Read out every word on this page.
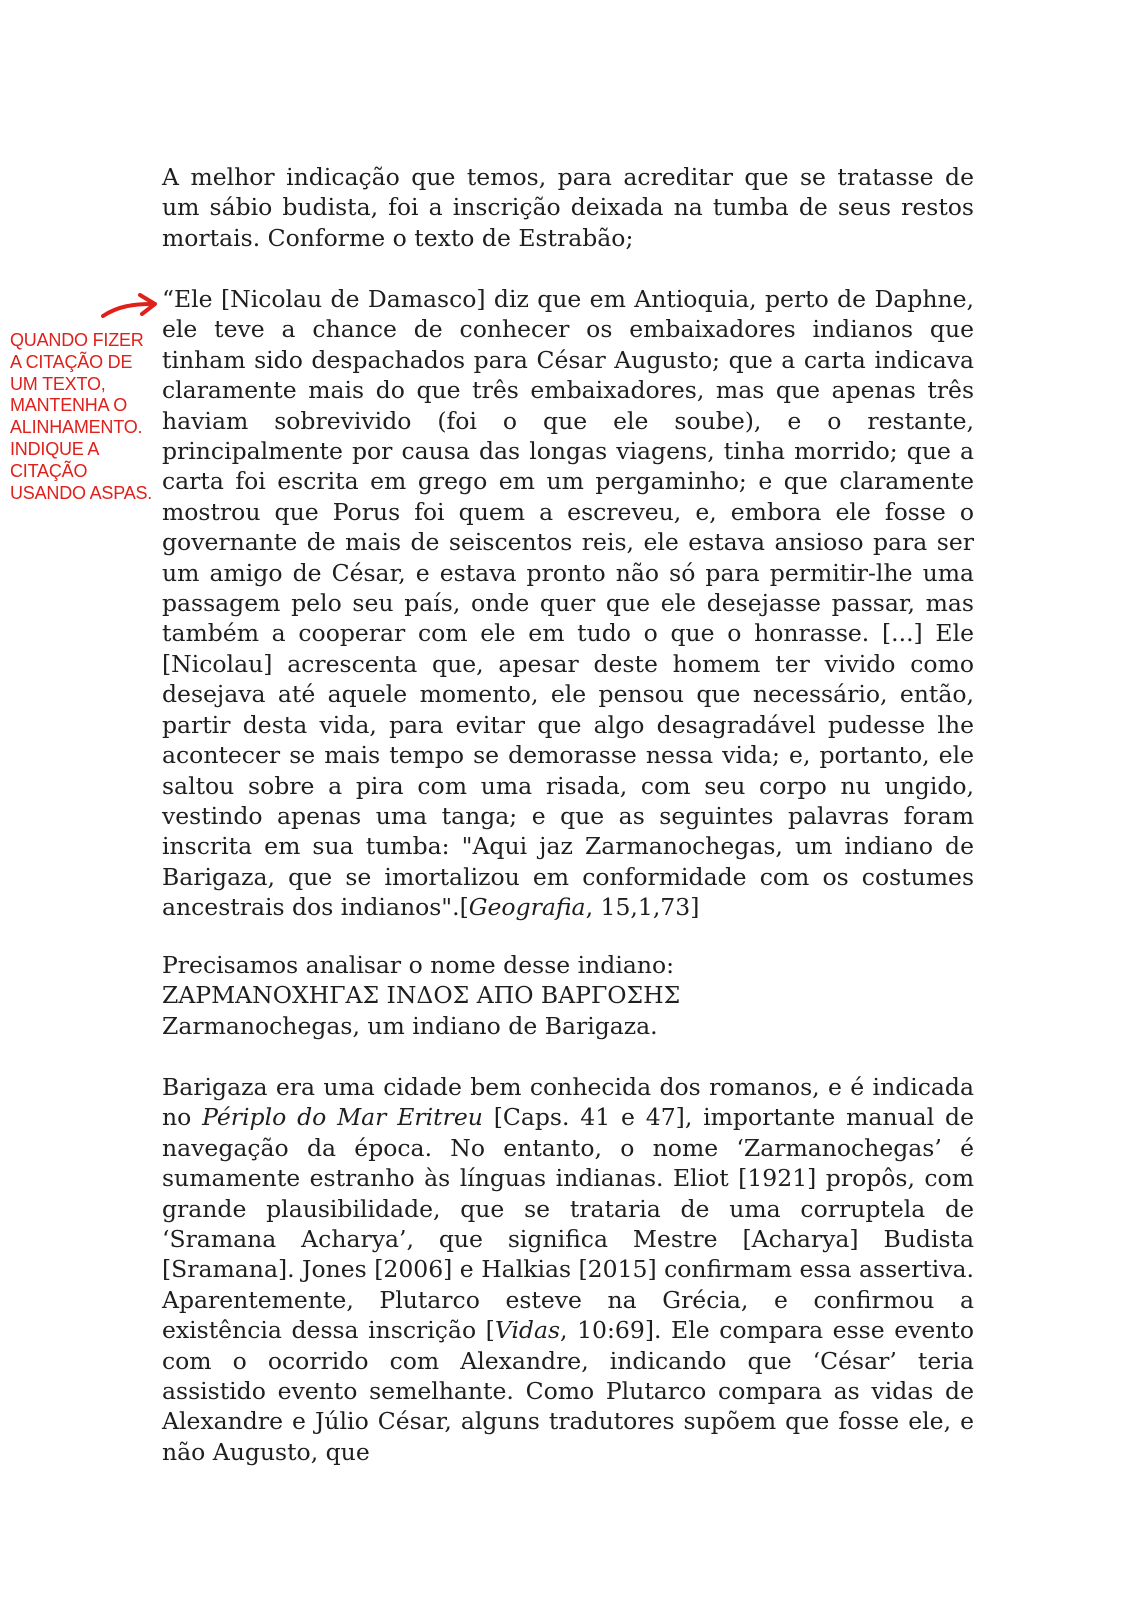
QUANDO FIZER
A CITAÇÃO DE
UM TEXTO,
MANTENHA O
ALINHAMENTO.
INDIQUE A
CITAÇÃO
USANDO ASPAS.

A melhor indicação que temos, para acreditar que se tratasse de um sábio budista, foi a inscrição deixada na tumba de seus restos mortais. Conforme o texto de Estrabão;

“Ele [Nicolau de Damasco] diz que em Antioquia, perto de Daphne, ele teve a chance de conhecer os embaixadores indianos que tinham sido despachados para César Augusto; que a carta indicava claramente mais do que três embaixadores, mas que apenas três haviam sobrevivido (foi o que ele soube), e o restante, principalmente por causa das longas viagens, tinha morrido; que a carta foi escrita em grego em um pergaminho; e que claramente mostrou que Porus foi quem a escreveu, e, embora ele fosse o governante de mais de seiscentos reis, ele estava ansioso para ser um amigo de César, e estava pronto não só para permitir-lhe uma passagem pelo seu país, onde quer que ele desejasse passar, mas também a cooperar com ele em tudo o que o honrasse. [...] Ele [Nicolau] acrescenta que, apesar deste homem ter vivido como desejava até aquele momento, ele pensou que necessário, então, partir desta vida, para evitar que algo desagradável pudesse lhe acontecer se mais tempo se demorasse nessa vida; e, portanto, ele saltou sobre a pira com uma risada, com seu corpo nu ungido, vestindo apenas uma tanga; e que as seguintes palavras foram inscrita em sua tumba: "Aqui jaz Zarmanochegas, um indiano de Barigaza, que se imortalizou em conformidade com os costumes ancestrais dos indianos".[Geografia, 15,1,73]

Precisamos analisar o nome desse indiano:

ΖΑΡΜΑΝΟΧΗΓΑΣ ΙΝΔΟΣ ΑΠΟ ΒΑΡΓΟΣΗΣ

Zarmanochegas, um indiano de Barigaza.

Barigaza era uma cidade bem conhecida dos romanos, e é indicada no Périplo do Mar Eritreu [Caps. 41 e 47], importante manual de navegação da época. No entanto, o nome ‘Zarmanochegas’ é sumamente estranho às línguas indianas. Eliot [1921] propôs, com grande plausibilidade, que se trataria de uma corruptela de ‘Sramana Acharya’, que significa Mestre [Acharya] Budista [Sramana]. Jones [2006] e Halkias [2015] confirmam essa assertiva. Aparentemente, Plutarco esteve na Grécia, e confirmou a existência dessa inscrição [Vidas, 10:69]. Ele compara esse evento com o ocorrido com Alexandre, indicando que ‘César’ teria assistido evento semelhante. Como Plutarco compara as vidas de Alexandre e Júlio César, alguns tradutores supõem que fosse ele, e não Augusto, que
